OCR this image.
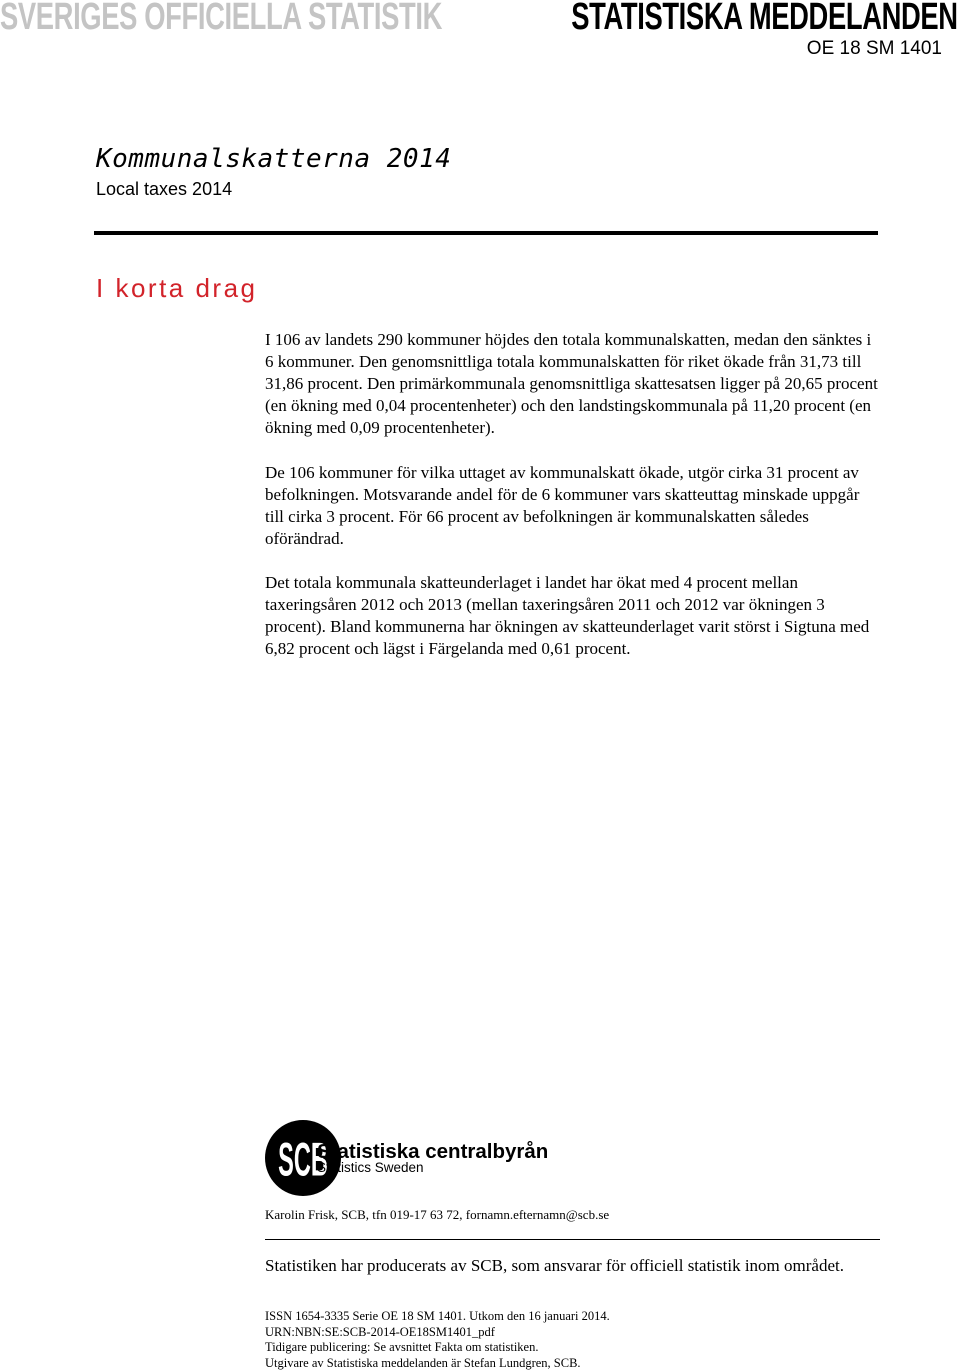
SVERIGES OFFICIELLA STATISTIK	STATISTISKA MEDDELANDEN
OE 18 SM 1401
Kommunalskatterna 2014
Local taxes 2014
I korta drag

I 106 av landets 290 kommuner höjdes den totala kommunalskatten, medan den sänktes i 6 kommuner. Den genomsnittliga totala kommunalskatten för riket ökade från 31,73 till 31,86 procent. Den primärkommunala genomsnittliga skattesatsen ligger på 20,65 procent (en ökning med 0,04 procentenheter) och den landstingskommunala på 11,20 procent (en ökning med 0,09 procentenheter).

De 106 kommuner för vilka uttaget av kommunalskatt ökade, utgör cirka 31 procent av befolkningen. Motsvarande andel för de 6 kommuner vars skatteuttag minskade uppgår till cirka 3 procent. För 66 procent av befolkningen är kommunalskatten således oförändrad.

Det totala kommunala skatteunderlaget i landet har ökat med 4 procent mellan taxeringsåren 2012 och 2013 (mellan taxeringsåren 2011 och 2012 var ökningen 3 procent). Bland kommunerna har ökningen av skatteunderlaget varit störst i Sigtuna med 6,82 procent och lägst i Färgelanda med 0,61 procent.

SCB
Statistiska centralbyrån
Statistics Sweden
Karolin Frisk, SCB, tfn 019-17 63 72, fornamn.efternamn@scb.se

Statistiken har producerats av SCB, som ansvarar för officiell statistik inom området.

ISSN 1654-3335 Serie OE 18 SM 1401. Utkom den 16 januari 2014.
URN:NBN:SE:SCB-2014-OE18SM1401_pdf
Tidigare publicering: Se avsnittet Fakta om statistiken.
Utgivare av Statistiska meddelanden är Stefan Lundgren, SCB.
